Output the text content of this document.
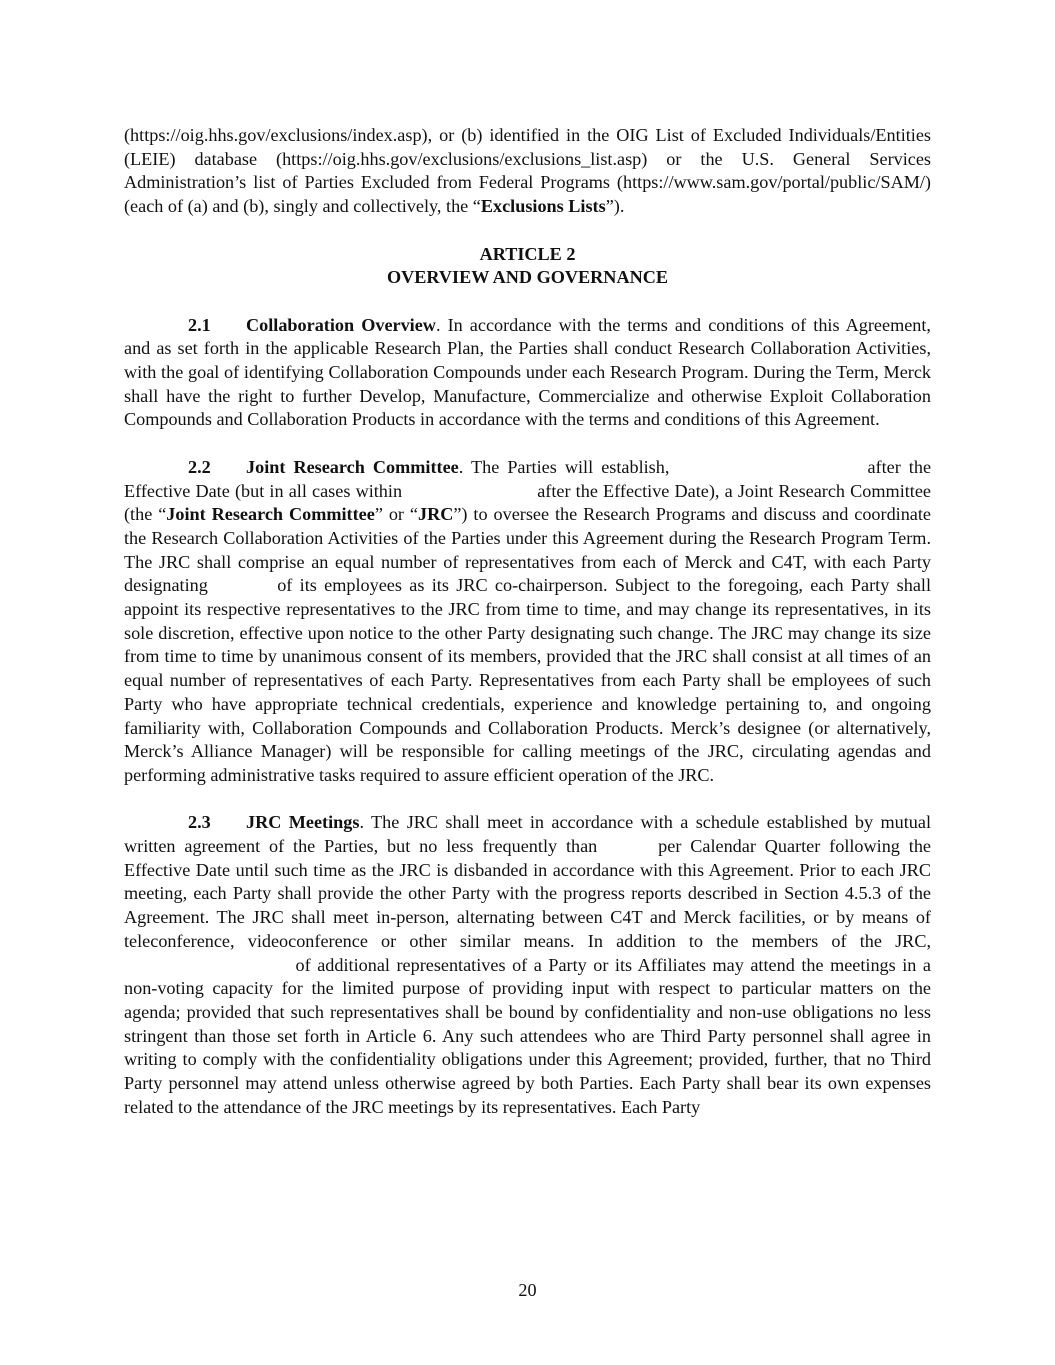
(https://oig.hhs.gov/exclusions/index.asp), or (b) identified in the OIG List of Excluded Individuals/Entities (LEIE) database (https://oig.hhs.gov/exclusions/exclusions_list.asp) or the U.S. General Services Administration’s list of Parties Excluded from Federal Programs (https://www.sam.gov/portal/public/SAM/) (each of (a) and (b), singly and collectively, the “Exclusions Lists”).

ARTICLE 2
OVERVIEW AND GOVERNANCE

2.1 Collaboration Overview. In accordance with the terms and conditions of this Agreement, and as set forth in the applicable Research Plan, the Parties shall conduct Research Collaboration Activities, with the goal of identifying Collaboration Compounds under each Research Program. During the Term, Merck shall have the right to further Develop, Manufacture, Commercialize and otherwise Exploit Collaboration Compounds and Collaboration Products in accordance with the terms and conditions of this Agreement.

2.2 Joint Research Committee. The Parties will establish,	after the Effective Date (but in all cases within	after the Effective Date), a Joint Research Committee (the “Joint Research Committee” or “JRC”) to oversee the Research Programs and discuss and coordinate the Research Collaboration Activities of the Parties under this Agreement during the Research Program Term. The JRC shall comprise an equal number of representatives from each of Merck and C4T, with each Party designating	of its employees as its JRC co-chairperson. Subject to the foregoing, each Party shall appoint its respective representatives to the JRC from time to time, and may change its representatives, in its sole discretion, effective upon notice to the other Party designating such change. The JRC may change its size from time to time by unanimous consent of its members, provided that the JRC shall consist at all times of an equal number of representatives of each Party. Representatives from each Party shall be employees of such Party who have appropriate technical credentials, experience and knowledge pertaining to, and ongoing familiarity with, Collaboration Compounds and Collaboration Products. Merck’s designee (or alternatively, Merck’s Alliance Manager) will be responsible for calling meetings of the JRC, circulating agendas and performing administrative tasks required to assure efficient operation of the JRC.

2.3 JRC Meetings. The JRC shall meet in accordance with a schedule established by mutual written agreement of the Parties, but no less frequently than	per Calendar Quarter following the Effective Date until such time as the JRC is disbanded in accordance with this Agreement. Prior to each JRC meeting, each Party shall provide the other Party with the progress reports described in Section 4.5.3 of the Agreement. The JRC shall meet in-person, alternating between C4T and Merck facilities, or by means of teleconference, videoconference or other similar means. In addition to the members of the JRC, of additional representatives of a Party or its Affiliates may attend the meetings in a non-voting capacity for the limited purpose of providing input with respect to particular matters on the agenda; provided that such representatives shall be bound by confidentiality and non-use obligations no less stringent than those set forth in Article 6. Any such attendees who are Third Party personnel shall agree in writing to comply with the confidentiality obligations under this Agreement; provided, further, that no Third Party personnel may attend unless otherwise agreed by both Parties. Each Party shall bear its own expenses related to the attendance of the JRC meetings by its representatives. Each Party

20
